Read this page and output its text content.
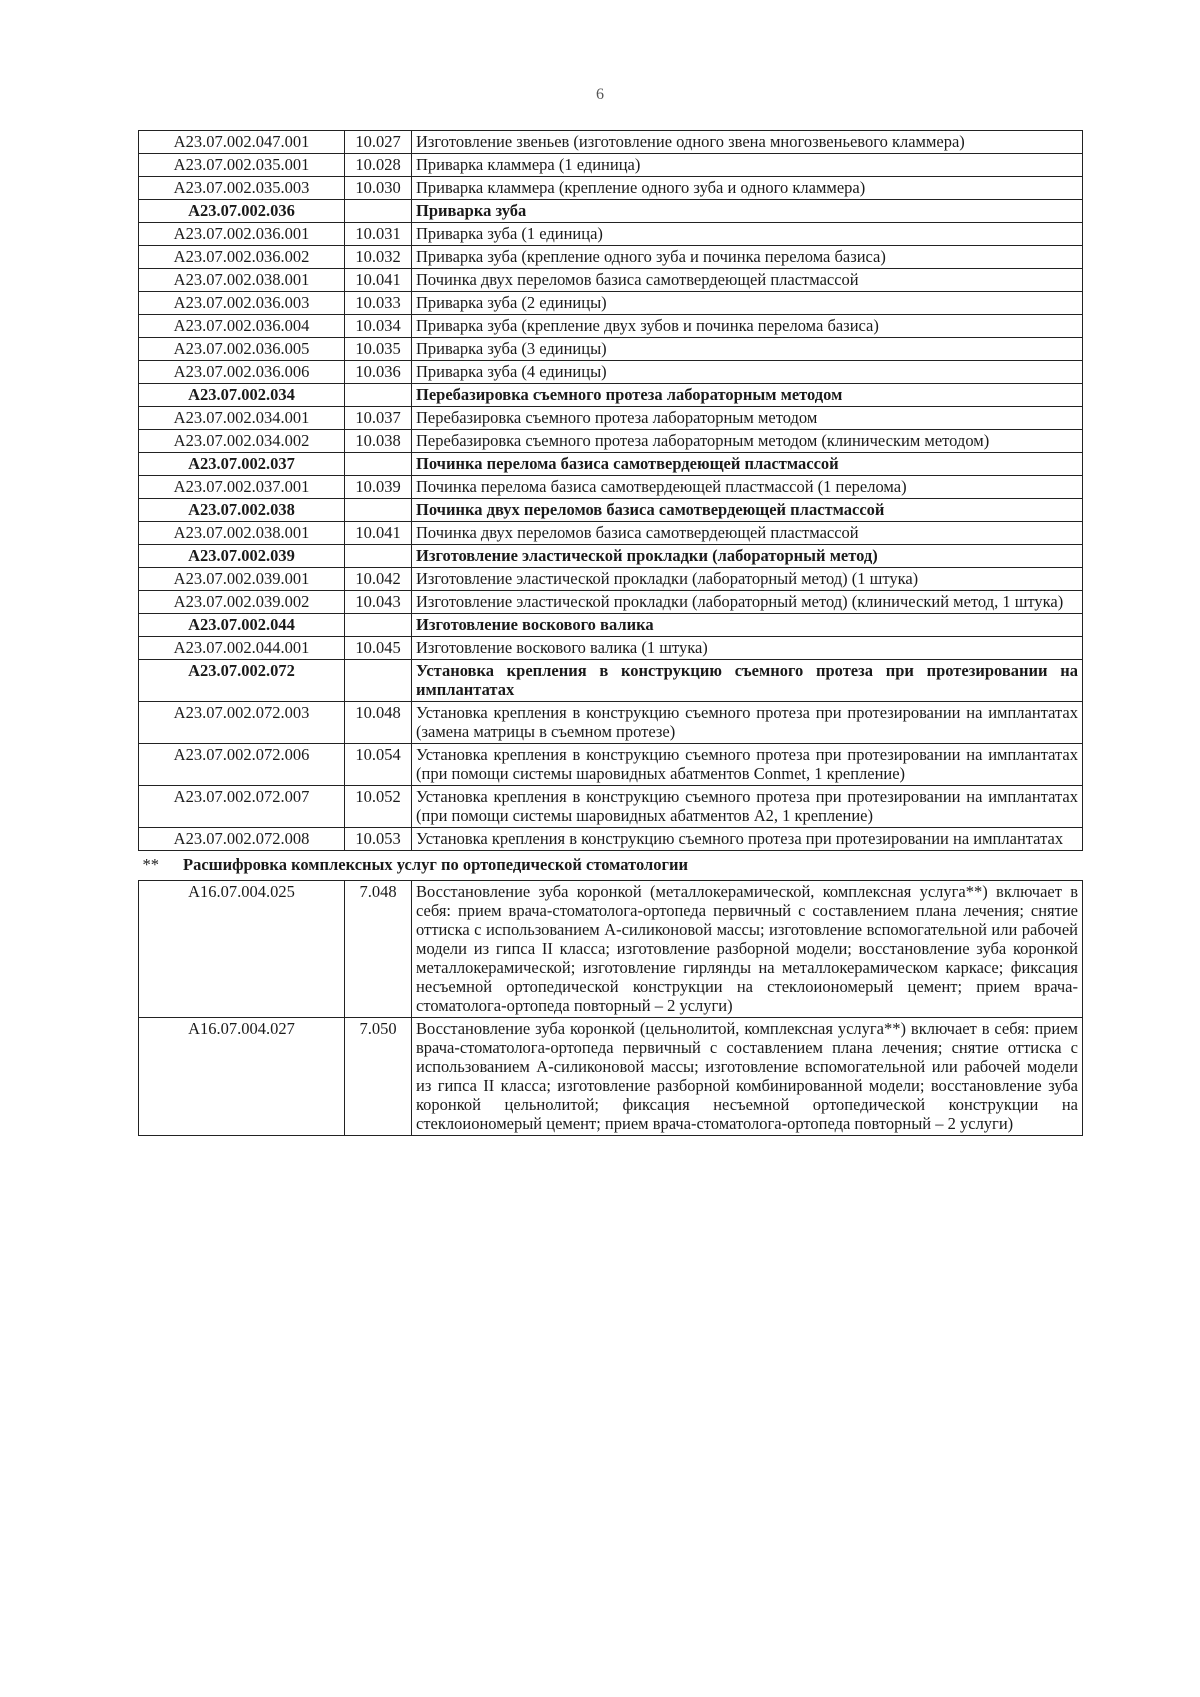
6
A23.07.002.047.001	10.027	Изготовление звеньев (изготовление одного звена многозвеньевого кламмера)
A23.07.002.035.001	10.028	Приварка кламмера (1 единица)
A23.07.002.035.003	10.030	Приварка кламмера (крепление одного зуба и одного кламмера)
A23.07.002.036		Приварка зуба
A23.07.002.036.001	10.031	Приварка зуба (1 единица)
A23.07.002.036.002	10.032	Приварка зуба (крепление одного зуба и починка перелома базиса)
A23.07.002.038.001	10.041	Починка двух переломов базиса самотвердеющей пластмассой
A23.07.002.036.003	10.033	Приварка зуба (2 единицы)
A23.07.002.036.004	10.034	Приварка зуба (крепление двух зубов и починка перелома базиса)
A23.07.002.036.005	10.035	Приварка зуба (3 единицы)
A23.07.002.036.006	10.036	Приварка зуба (4 единицы)
A23.07.002.034		Перебазировка съемного протеза лабораторным методом
A23.07.002.034.001	10.037	Перебазировка съемного протеза лабораторным методом
A23.07.002.034.002	10.038	Перебазировка съемного протеза лабораторным методом (клиническим методом)
A23.07.002.037		Починка перелома базиса самотвердеющей пластмассой
A23.07.002.037.001	10.039	Починка перелома базиса самотвердеющей пластмассой (1 перелома)
A23.07.002.038		Починка двух переломов базиса самотвердеющей пластмассой
A23.07.002.038.001	10.041	Починка двух переломов базиса самотвердеющей пластмассой
A23.07.002.039		Изготовление эластической прокладки (лабораторный метод)
A23.07.002.039.001	10.042	Изготовление эластической прокладки (лабораторный метод) (1 штука)
A23.07.002.039.002	10.043	Изготовление эластической прокладки (лабораторный метод) (клинический метод, 1 штука)
A23.07.002.044		Изготовление воскового валика
A23.07.002.044.001	10.045	Изготовление воскового валика (1 штука)
A23.07.002.072		Установка крепления в конструкцию съемного протеза при протезировании на имплантатах
A23.07.002.072.003	10.048	Установка крепления в конструкцию съемного протеза при протезировании на имплантатах (замена матрицы в съемном протезе)
A23.07.002.072.006	10.054	Установка крепления в конструкцию съемного протеза при протезировании на имплантатах (при помощи системы шаровидных абатментов Conmet, 1 крепление)
A23.07.002.072.007	10.052	Установка крепления в конструкцию съемного протеза при протезировании на имплантатах (при помощи системы шаровидных абатментов А2, 1 крепление)
A23.07.002.072.008	10.053	Установка крепления в конструкцию съемного протеза при протезировании на имплантатах
** Расшифровка комплексных услуг по ортопедической стоматологии		
A16.07.004.025	7.048	Восстановление зуба коронкой (металлокерамической, комплексная услуга**) включает в себя: прием врача-стоматолога-ортопеда первичный с составлением плана лечения; снятие оттиска с использованием А-силиконовой массы; изготовление вспомогательной или рабочей модели из гипса II класса; изготовление разборной модели; восстановление зуба коронкой металлокерамической; изготовление гирлянды на металлокерамическом каркасе; фиксация несъемной ортопедической конструкции на стеклоиономерый цемент; прием врача-стоматолога-ортопеда повторный – 2 услуги)
A16.07.004.027	7.050	Восстановление зуба коронкой (цельнолитой, комплексная услуга**) включает в себя: прием врача-стоматолога-ортопеда первичный с составлением плана лечения; снятие оттиска с использованием А-силиконовой массы; изготовление вспомогательной или рабочей модели из гипса II класса; изготовление разборной комбинированной модели; восстановление зуба коронкой цельнолитой; фиксация несъемной ортопедической конструкции на стеклоиономерый цемент; прием врача-стоматолога-ортопеда повторный – 2 услуги)
